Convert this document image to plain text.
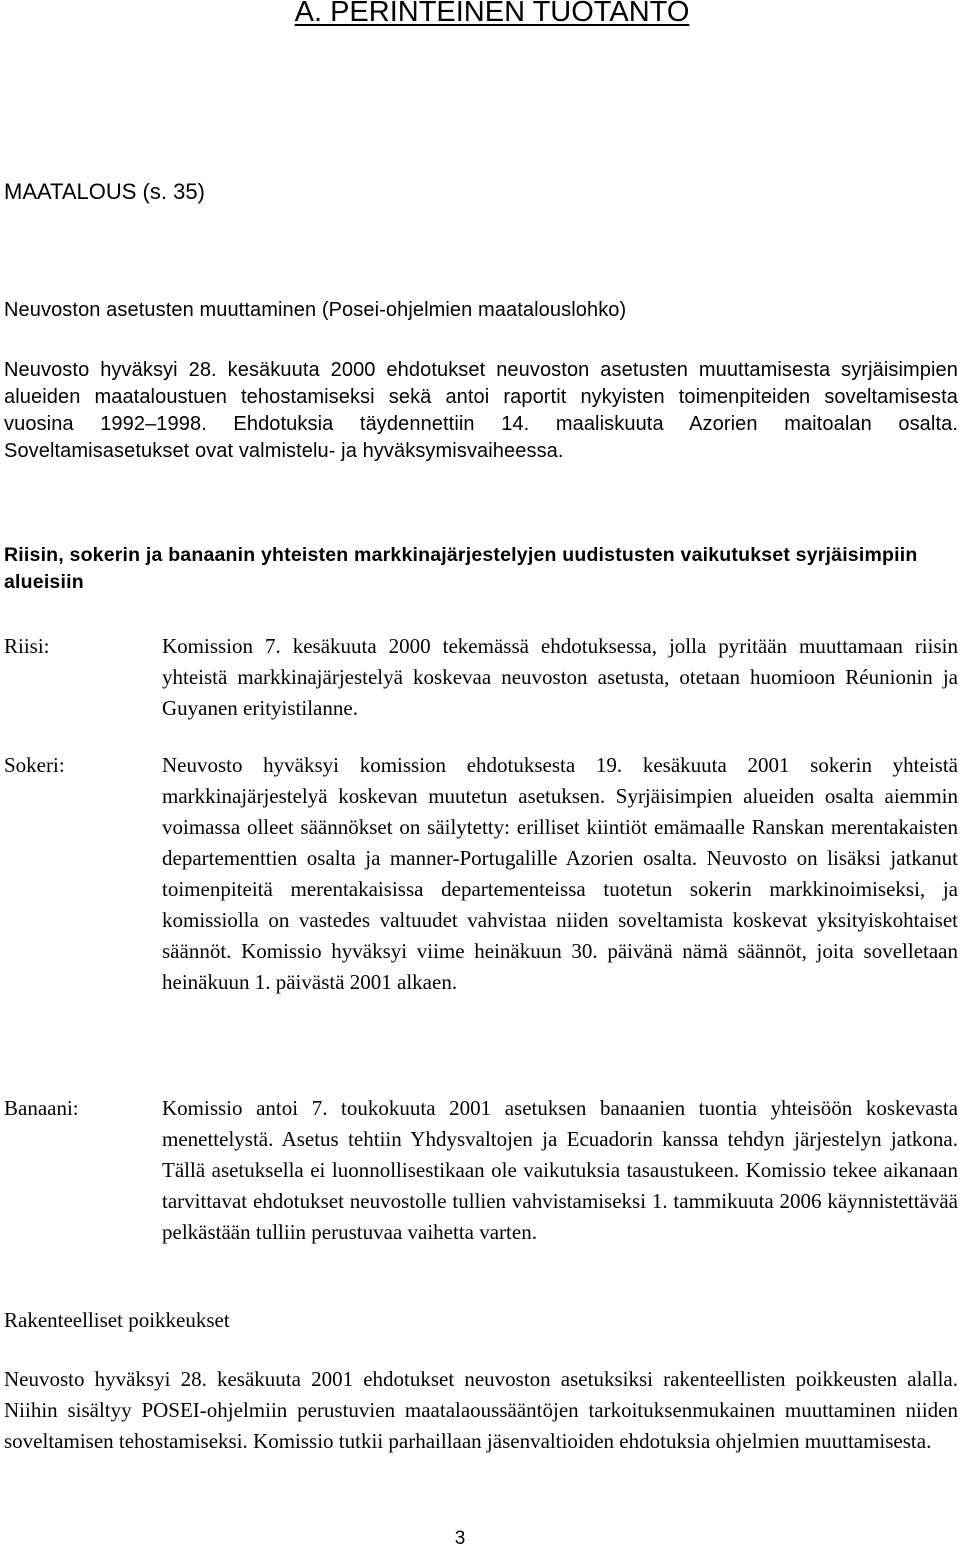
A. PERINTEINEN TUOTANTO
MAATALOUS (s. 35)
Neuvoston asetusten muuttaminen (Posei-ohjelmien maatalouslohko)

Neuvosto hyväksyi 28. kesäkuuta 2000 ehdotukset neuvoston asetusten muuttamisesta syrjäisimpien alueiden maataloustuen tehostamiseksi sekä antoi raportit nykyisten toimenpiteiden soveltamisesta vuosina 1992–1998. Ehdotuksia täydennettiin 14. maaliskuuta Azorien maitoalan osalta. Soveltamisasetukset ovat valmistelu- ja hyväksymisvaiheessa.

Riisin, sokerin ja banaanin yhteisten markkinajärjestelyjen uudistusten vaikutukset syrjäisimpiin alueisiin
Riisi:	Komission 7. kesäkuuta 2000 tekemässä ehdotuksessa, jolla pyritään muuttamaan riisin yhteistä markkinajärjestelyä koskevaa neuvoston asetusta, otetaan huomioon Réunionin ja Guyanen erityistilanne.

Sokeri:	Neuvosto hyväksyi komission ehdotuksesta 19. kesäkuuta 2001 sokerin yhteistä markkinajärjestelyä koskevan muutetun asetuksen. Syrjäisimpien alueiden osalta aiemmin voimassa olleet säännökset on säilytetty: erilliset kiintiöt emämaalle Ranskan merentakaisten departementtien osalta ja manner-Portugalille Azorien osalta. Neuvosto on lisäksi jatkanut toimenpiteitä merentakaisissa departementeissa tuotetun sokerin markkinoimiseksi, ja komissiolla on vastedes valtuudet vahvistaa niiden soveltamista koskevat yksityiskohtaiset säännöt. Komissio hyväksyi viime heinäkuun 30. päivänä nämä säännöt, joita sovelletaan heinäkuun 1. päivästä 2001 alkaen.

Banaani:	Komissio antoi 7. toukokuuta 2001 asetuksen banaanien tuontia yhteisöön koskevasta menettelystä. Asetus tehtiin Yhdysvaltojen ja Ecuadorin kanssa tehdyn järjestelyn jatkona. Tällä asetuksella ei luonnollisestikaan ole vaikutuksia tasaustukeen. Komissio tekee aikanaan tarvittavat ehdotukset neuvostolle tullien vahvistamiseksi 1. tammikuuta 2006 käynnistettävää pelkästään tulliin perustuvaa vaihetta varten.

Rakenteelliset poikkeukset

Neuvosto hyväksyi 28. kesäkuuta 2001 ehdotukset neuvoston asetuksiksi rakenteellisten poikkeusten alalla. Niihin sisältyy POSEI-ohjelmiin perustuvien maatalaoussääntöjen tarkoituksenmukainen muuttaminen niiden soveltamisen tehostamiseksi. Komissio tutkii parhaillaan jäsenvaltioiden ehdotuksia ohjelmien muuttamisesta.

3
